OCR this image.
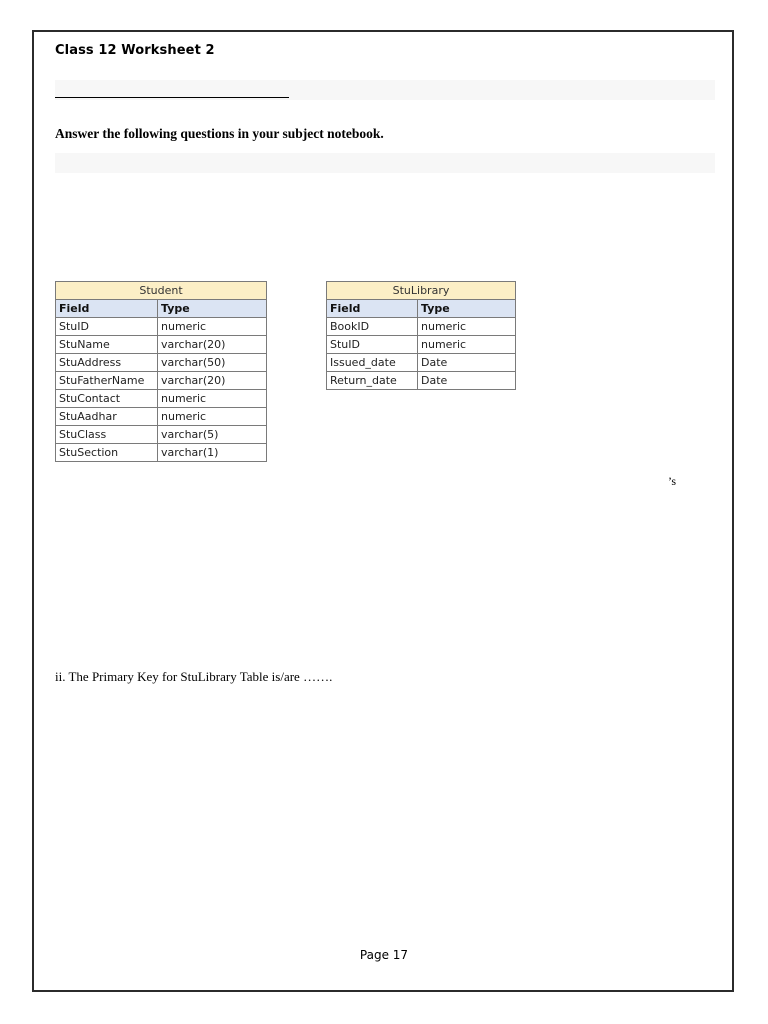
Class 12 Worksheet 2
Answer the following questions in your subject notebook.
Student	
Field	Type
StuID	numeric
StuName	varchar(20)
StuAddress	varchar(50)
StuFatherName	varchar(20)
StuContact	numeric
StuAadhar	numeric
StuClass	varchar(5)
StuSection	varchar(1)
StuLibrary	
Field	Type
BookID	numeric
StuID	numeric
Issued_date	Date
Return_date	Date
’s
ii. The Primary Key for StuLibrary Table is/are …….
Page 17
